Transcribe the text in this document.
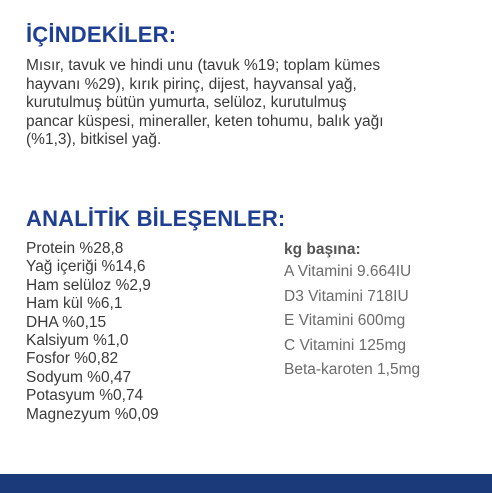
İÇİNDEKİLER:

Mısır, tavuk ve hindi unu (tavuk %19; toplam kümes
hayvanı %29), kırık pirinç, dijest, hayvansal yağ,
kurutulmuş bütün yumurta, selüloz, kurutulmuş
pancar küspesi, mineraller, keten tohumu, balık yağı
(%1,3), bitkisel yağ.

ANALİTİK BİLEŞENLER:
Protein %28,8
Yağ içeriği %14,6
Ham selüloz %2,9
Ham kül %6,1
DHA %0,15
Kalsiyum %1,0
Fosfor %0,82
Sodyum %0,47
Potasyum %0,74
Magnezyum %0,09
kg başına:
A Vitamini 9.664IU
D3 Vitamini 718IU
E Vitamini 600mg
C Vitamini 125mg
Beta-karoten 1,5mg
